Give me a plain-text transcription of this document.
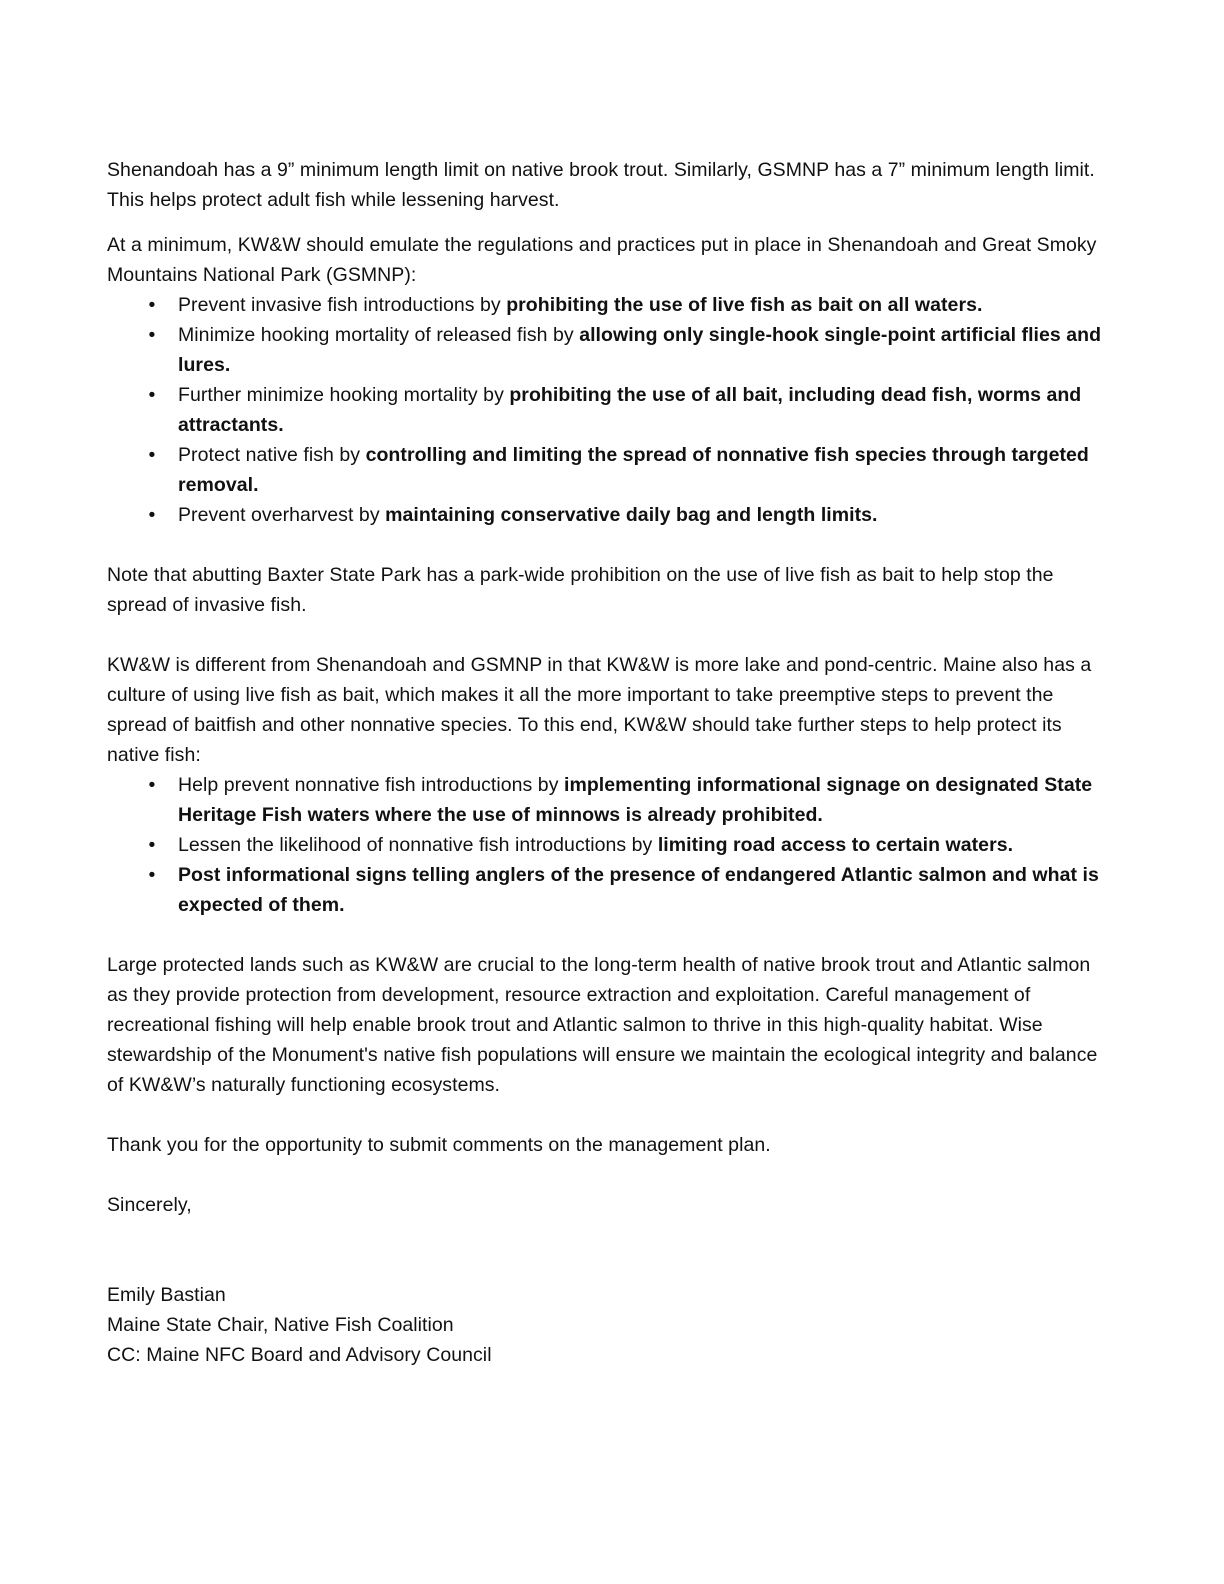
Shenandoah has a 9” minimum length limit on native brook trout. Similarly, GSMNP has a 7” minimum length limit. This helps protect adult fish while lessening harvest.

At a minimum, KW&W should emulate the regulations and practices put in place in Shenandoah and Great Smoky Mountains National Park (GSMNP):

• Prevent invasive fish introductions by prohibiting the use of live fish as bait on all waters.
• Minimize hooking mortality of released fish by allowing only single-hook single-point artificial flies and lures.
• Further minimize hooking mortality by prohibiting the use of all bait, including dead fish, worms and attractants.
• Protect native fish by controlling and limiting the spread of nonnative fish species through targeted removal.
• Prevent overharvest by maintaining conservative daily bag and length limits.

Note that abutting Baxter State Park has a park-wide prohibition on the use of live fish as bait to help stop the spread of invasive fish.

KW&W is different from Shenandoah and GSMNP in that KW&W is more lake and pond-centric. Maine also has a culture of using live fish as bait, which makes it all the more important to take preemptive steps to prevent the spread of baitfish and other nonnative species. To this end, KW&W should take further steps to help protect its native fish:

• Help prevent nonnative fish introductions by implementing informational signage on designated State Heritage Fish waters where the use of minnows is already prohibited.
• Lessen the likelihood of nonnative fish introductions by limiting road access to certain waters.
• Post informational signs telling anglers of the presence of endangered Atlantic salmon and what is expected of them.

Large protected lands such as KW&W are crucial to the long-term health of native brook trout and Atlantic salmon as they provide protection from development, resource extraction and exploitation. Careful management of recreational fishing will help enable brook trout and Atlantic salmon to thrive in this high-quality habitat. Wise stewardship of the Monument's native fish populations will ensure we maintain the ecological integrity and balance of KW&W’s naturally functioning ecosystems.

Thank you for the opportunity to submit comments on the management plan.

Sincerely,

Emily Bastian

Maine State Chair, Native Fish Coalition

CC: Maine NFC Board and Advisory Council
